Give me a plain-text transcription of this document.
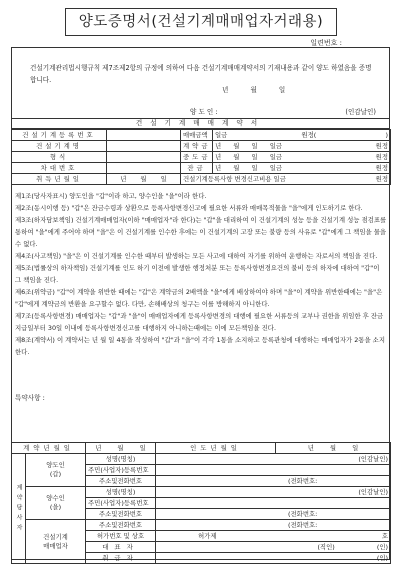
양도증명서(건설기계매매업자거래용)
일련번호 :
건설기계관리법시행규칙 제7조제2항의 규정에 의하여 다음 건설기계매매계약서의 기재내용과 같이 양도 하였음을 증명합니다.
년 월 일
양 도 인 :	(인감날인)
건설기계매매계약서
건설기계등록번호		매매금액	일금 원정( )

건설기계명		계약금	년 월 일 일금 원정

형식		중도금	년 월 일 일금 원정

차대번호		잔금	년 월 일 일금 원정

취득년월일	년 월 일	건설기계등록사항 변경신고비용 일금 원정	

제1조(당사자표시) 양도인을 "갑"이라 하고, 양수인을 "을"이라 한다.

제2조(동시이행 등) "갑"은 잔금수령과 상환으로 등록사항변경신고에 필요한 서류와 매매목적물을 "을"에게 인도하기로 한다.

제3조(하자담보책임) 건설기계매매업자(이하 "매매업자"라 한다)는 "갑"을 대리하여 이 건설기계의 성능 등을 건설기계 성능 점검표를 통하여 "을"에게 주어야 하며 "을"은 이 건설기계를 인수한 후에는 이 건설기계의 고장 또는 불량 등의 사유로 "갑"에게 그 책임을 물을수 없다.

제4조(사고책임) "을"은 이 건설기계를 인수한 때부터 발생하는 모든 사고에 대하여 자기를 위하여 운행하는 자로서의 책임을 진다.

제5조(법률상의 하자책임) 건설기계를 인도 하기 이전에 발생한 행정처분 또는 등록사항변경요건의 불비 등의 하자에 대하여 "갑"이 그 책임을 진다.

제6조(위약금) "갑"이 계약을 위반한 때에는 "갑"은 계약금의 2배액을 "을"에게 배상하여야 하며 "을"이 계약을 위반한때에는 "을"은 "갑"에게 계약금의 반환을 요구할수 없다. 다만, 손해배상의 청구는 이를 방해하지 아니한다.

제7조(등록사항변경) 매매업자는 "갑"과 "을"이 매매업자에게 등록사항변경의 대행에 필요한 서류등의 교부나 권한을 위임한 후 잔금지급일부터 30일 이내에 등록사항변경신고를 대행하지 아니하는때에는 이에 모든책임을 진다.

제8조(계약서) 이 계약서는 년 월 일 4통을 작성하여 "갑"과 "을"이 각각 1통을 소지하고 등록관청에 대행하는 매매업자가 2통을 소지한다.

특약사항 :
계약년월일		년 월 일	인도년월일	년 월 일
계약당사자	양도인
(갑)	성명(명칭)	(인감날인)	
		주민(사업자)등록번호		
		주소및전화번호	(전화번호:	

	양수인
(을)	성명(명칭)	(인감날인)	
		주민(사업자)등록번호		
		주소및전화번호	(전화번호:	

	건설기계
매매업자	주소및전화번호	(전화번호:	
		허가번호 및 상호	허가제 호	

		대표자	(직인) (인)	
		취급자	(인)	
